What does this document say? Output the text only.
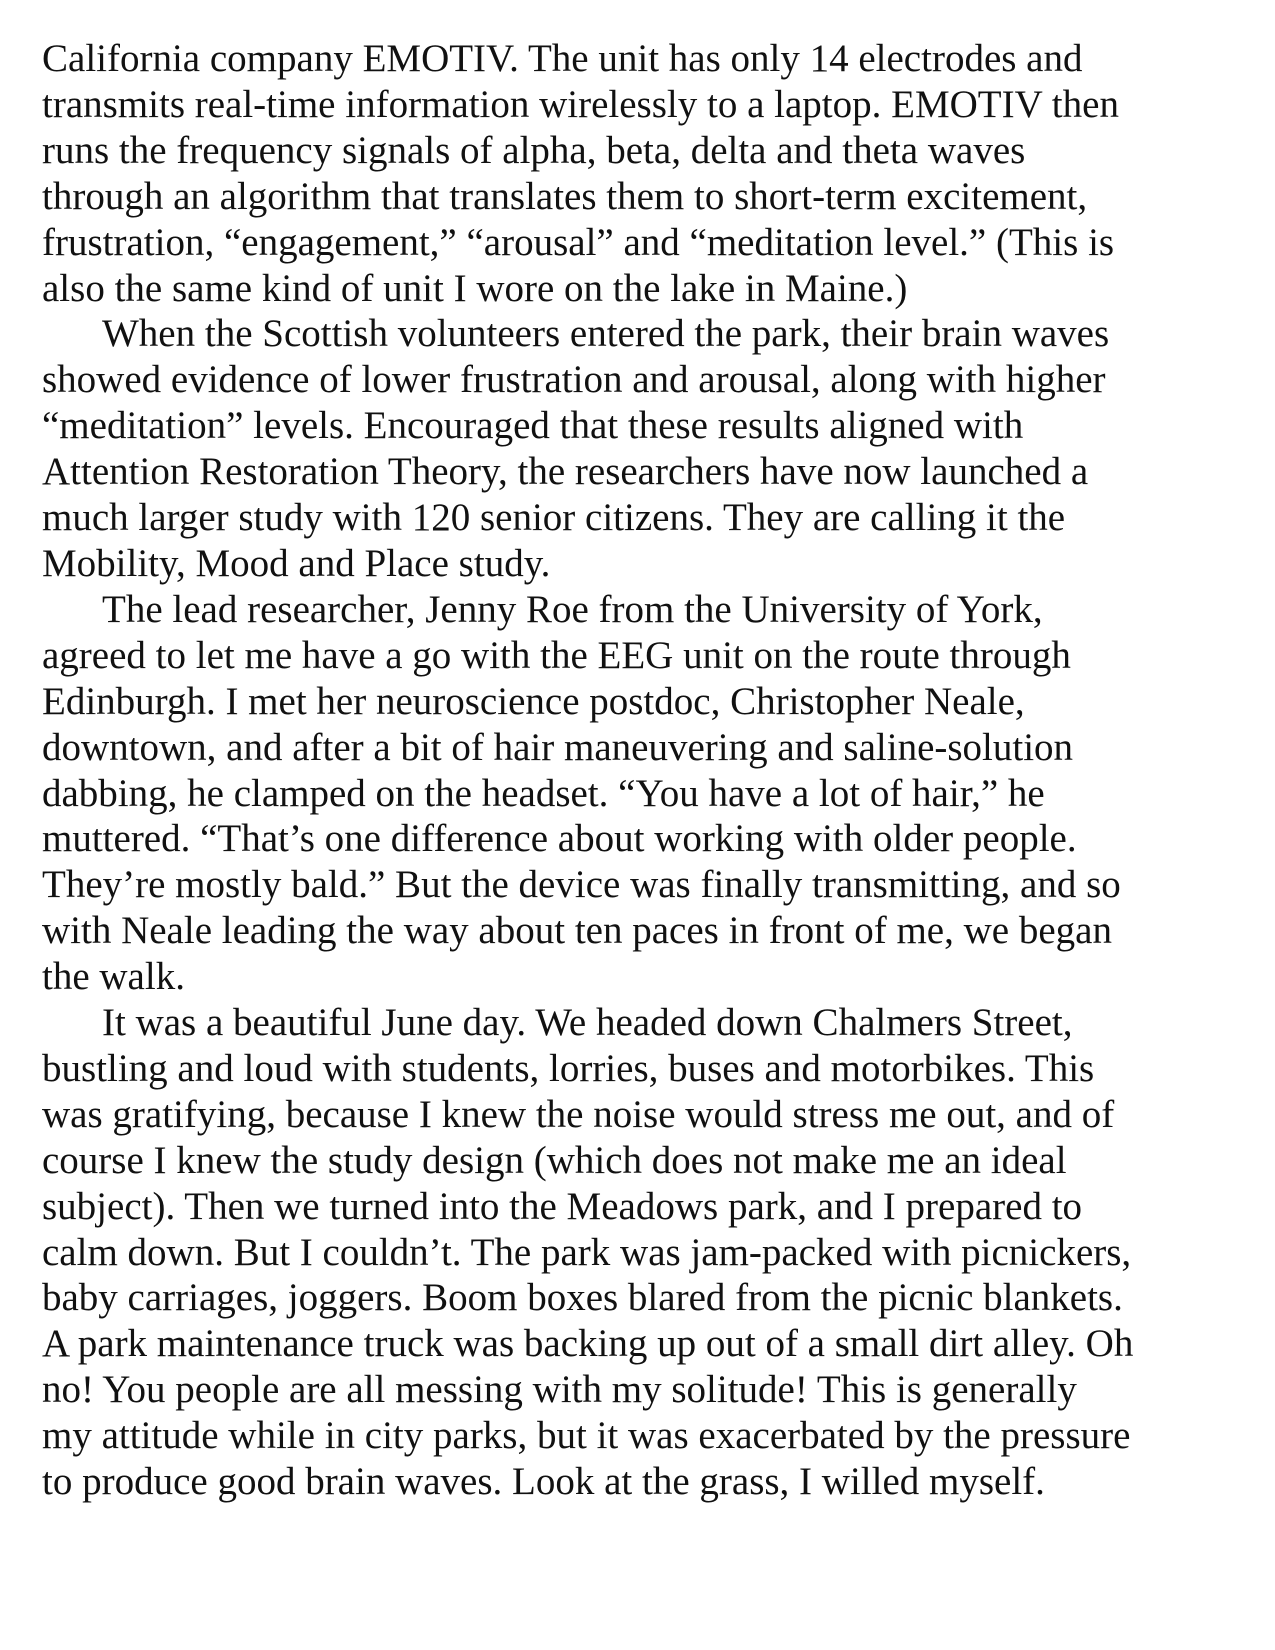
California company EMOTIV. The unit has only 14 electrodes and
transmits real-time information wirelessly to a laptop. EMOTIV then
runs the frequency signals of alpha, beta, delta and theta waves
through an algorithm that translates them to short-term excitement,
frustration, “engagement,” “arousal” and “meditation level.” (This is
also the same kind of unit I wore on the lake in Maine.)
When the Scottish volunteers entered the park, their brain waves
showed evidence of lower frustration and arousal, along with higher
“meditation” levels. Encouraged that these results aligned with
Attention Restoration Theory, the researchers have now launched a
much larger study with 120 senior citizens. They are calling it the
Mobility, Mood and Place study.
The lead researcher, Jenny Roe from the University of York,
agreed to let me have a go with the EEG unit on the route through
Edinburgh. I met her neuroscience postdoc, Christopher Neale,
downtown, and after a bit of hair maneuvering and saline-solution
dabbing, he clamped on the headset. “You have a lot of hair,” he
muttered. “That’s one difference about working with older people.
They’re mostly bald.” But the device was finally transmitting, and so
with Neale leading the way about ten paces in front of me, we began
the walk.
It was a beautiful June day. We headed down Chalmers Street,
bustling and loud with students, lorries, buses and motorbikes. This
was gratifying, because I knew the noise would stress me out, and of
course I knew the study design (which does not make me an ideal
subject). Then we turned into the Meadows park, and I prepared to
calm down. But I couldn’t. The park was jam-packed with picnickers,
baby carriages, joggers. Boom boxes blared from the picnic blankets.
A park maintenance truck was backing up out of a small dirt alley. Oh
no! You people are all messing with my solitude! This is generally
my attitude while in city parks, but it was exacerbated by the pressure
to produce good brain waves. Look at the grass, I willed myself.
